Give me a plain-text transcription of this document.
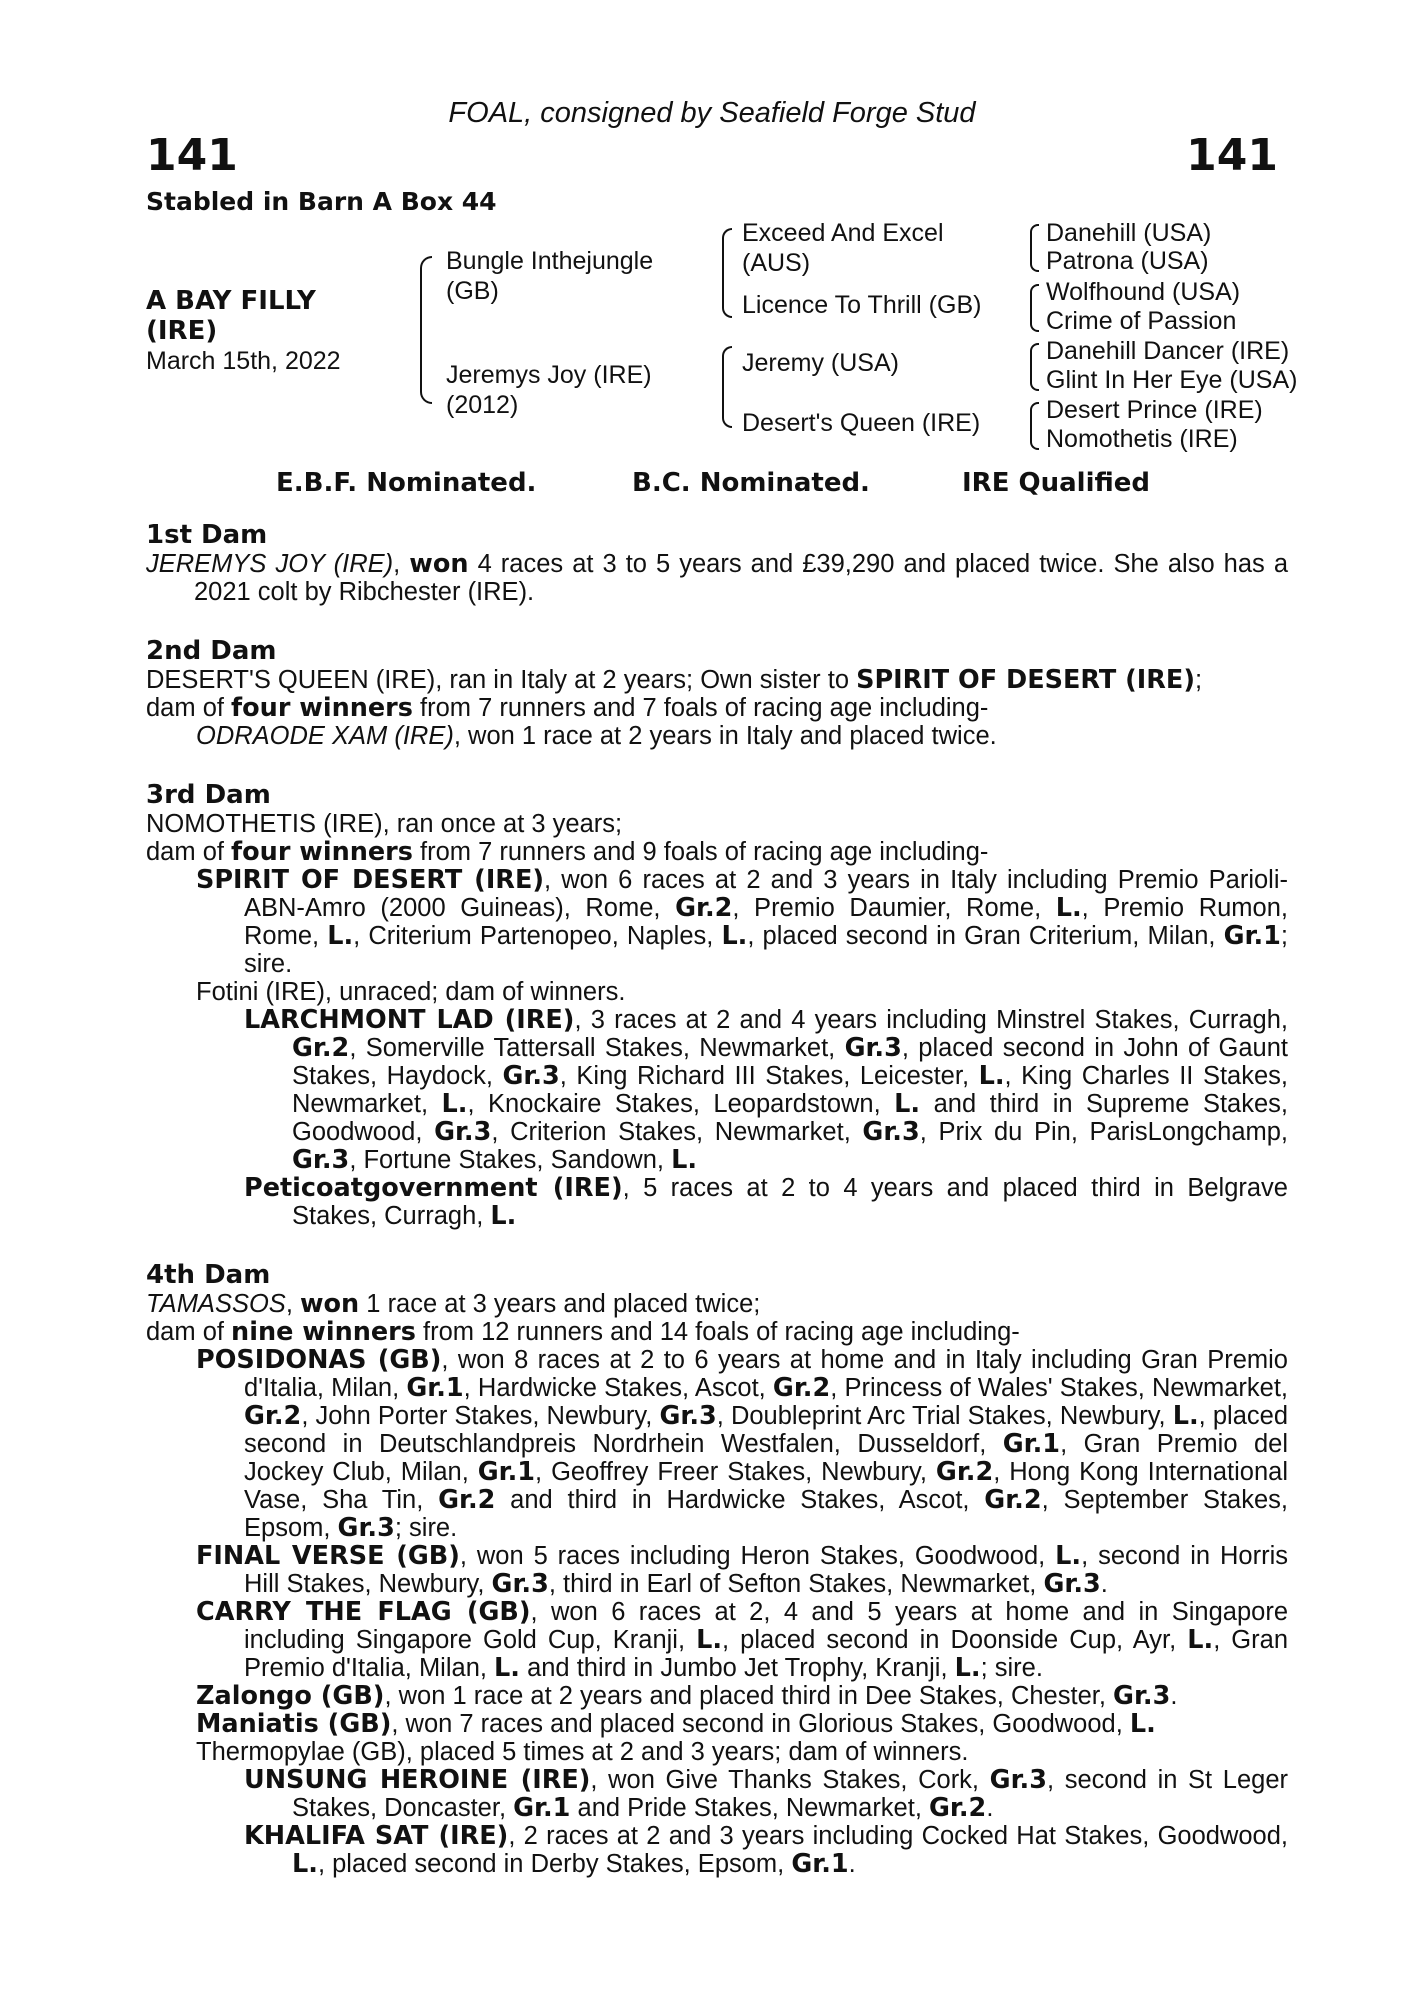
FOAL, consigned by Seafield Forge Stud
141	141
Stabled in Barn A Box 44
A BAY FILLY
(IRE)
March 15th, 2022
Bungle Inthejungle
(GB)
Jeremys Joy (IRE)
(2012)
Exceed And Excel
(AUS)
Licence To Thrill (GB)
Jeremy (USA)
Desert's Queen (IRE)
Danehill (USA)
Patrona (USA)
Wolfhound (USA)
Crime of Passion
Danehill Dancer (IRE)
Glint In Her Eye (USA)
Desert Prince (IRE)
Nomothetis (IRE)
E.B.F. Nominated.	B.C. Nominated.	IRE Qualified
1st Dam
JEREMYS JOY (IRE), won 4 races at 3 to 5 years and £39,290 and placed twice. She also has a 2021 colt by Ribchester (IRE).
2nd Dam
DESERT'S QUEEN (IRE), ran in Italy at 2 years; Own sister to SPIRIT OF DESERT (IRE);
dam of four winners from 7 runners and 7 foals of racing age including-
ODRAODE XAM (IRE), won 1 race at 2 years in Italy and placed twice.
3rd Dam
NOMOTHETIS (IRE), ran once at 3 years;
dam of four winners from 7 runners and 9 foals of racing age including-
SPIRIT OF DESERT (IRE), won 6 races at 2 and 3 years in Italy including Premio Parioli-ABN-Amro (2000 Guineas), Rome, Gr.2, Premio Daumier, Rome, L., Premio Rumon, Rome, L., Criterium Partenopeo, Naples, L., placed second in Gran Criterium, Milan, Gr.1; sire.
Fotini (IRE), unraced; dam of winners.
LARCHMONT LAD (IRE), 3 races at 2 and 4 years including Minstrel Stakes, Curragh, Gr.2, Somerville Tattersall Stakes, Newmarket, Gr.3, placed second in John of Gaunt Stakes, Haydock, Gr.3, King Richard III Stakes, Leicester, L., King Charles II Stakes, Newmarket, L., Knockaire Stakes, Leopardstown, L. and third in Supreme Stakes, Goodwood, Gr.3, Criterion Stakes, Newmarket, Gr.3, Prix du Pin, ParisLongchamp, Gr.3, Fortune Stakes, Sandown, L.
Peticoatgovernment (IRE), 5 races at 2 to 4 years and placed third in Belgrave Stakes, Curragh, L.
4th Dam
TAMASSOS, won 1 race at 3 years and placed twice;
dam of nine winners from 12 runners and 14 foals of racing age including-
POSIDONAS (GB), won 8 races at 2 to 6 years at home and in Italy including Gran Premio d'Italia, Milan, Gr.1, Hardwicke Stakes, Ascot, Gr.2, Princess of Wales' Stakes, Newmarket, Gr.2, John Porter Stakes, Newbury, Gr.3, Doubleprint Arc Trial Stakes, Newbury, L., placed second in Deutschlandpreis Nordrhein Westfalen, Dusseldorf, Gr.1, Gran Premio del Jockey Club, Milan, Gr.1, Geoffrey Freer Stakes, Newbury, Gr.2, Hong Kong International Vase, Sha Tin, Gr.2 and third in Hardwicke Stakes, Ascot, Gr.2, September Stakes, Epsom, Gr.3; sire.
FINAL VERSE (GB), won 5 races including Heron Stakes, Goodwood, L., second in Horris Hill Stakes, Newbury, Gr.3, third in Earl of Sefton Stakes, Newmarket, Gr.3.
CARRY THE FLAG (GB), won 6 races at 2, 4 and 5 years at home and in Singapore including Singapore Gold Cup, Kranji, L., placed second in Doonside Cup, Ayr, L., Gran Premio d'Italia, Milan, L. and third in Jumbo Jet Trophy, Kranji, L.; sire.
Zalongo (GB), won 1 race at 2 years and placed third in Dee Stakes, Chester, Gr.3.
Maniatis (GB), won 7 races and placed second in Glorious Stakes, Goodwood, L.
Thermopylae (GB), placed 5 times at 2 and 3 years; dam of winners.
UNSUNG HEROINE (IRE), won Give Thanks Stakes, Cork, Gr.3, second in St Leger Stakes, Doncaster, Gr.1 and Pride Stakes, Newmarket, Gr.2.
KHALIFA SAT (IRE), 2 races at 2 and 3 years including Cocked Hat Stakes, Goodwood, L., placed second in Derby Stakes, Epsom, Gr.1.
